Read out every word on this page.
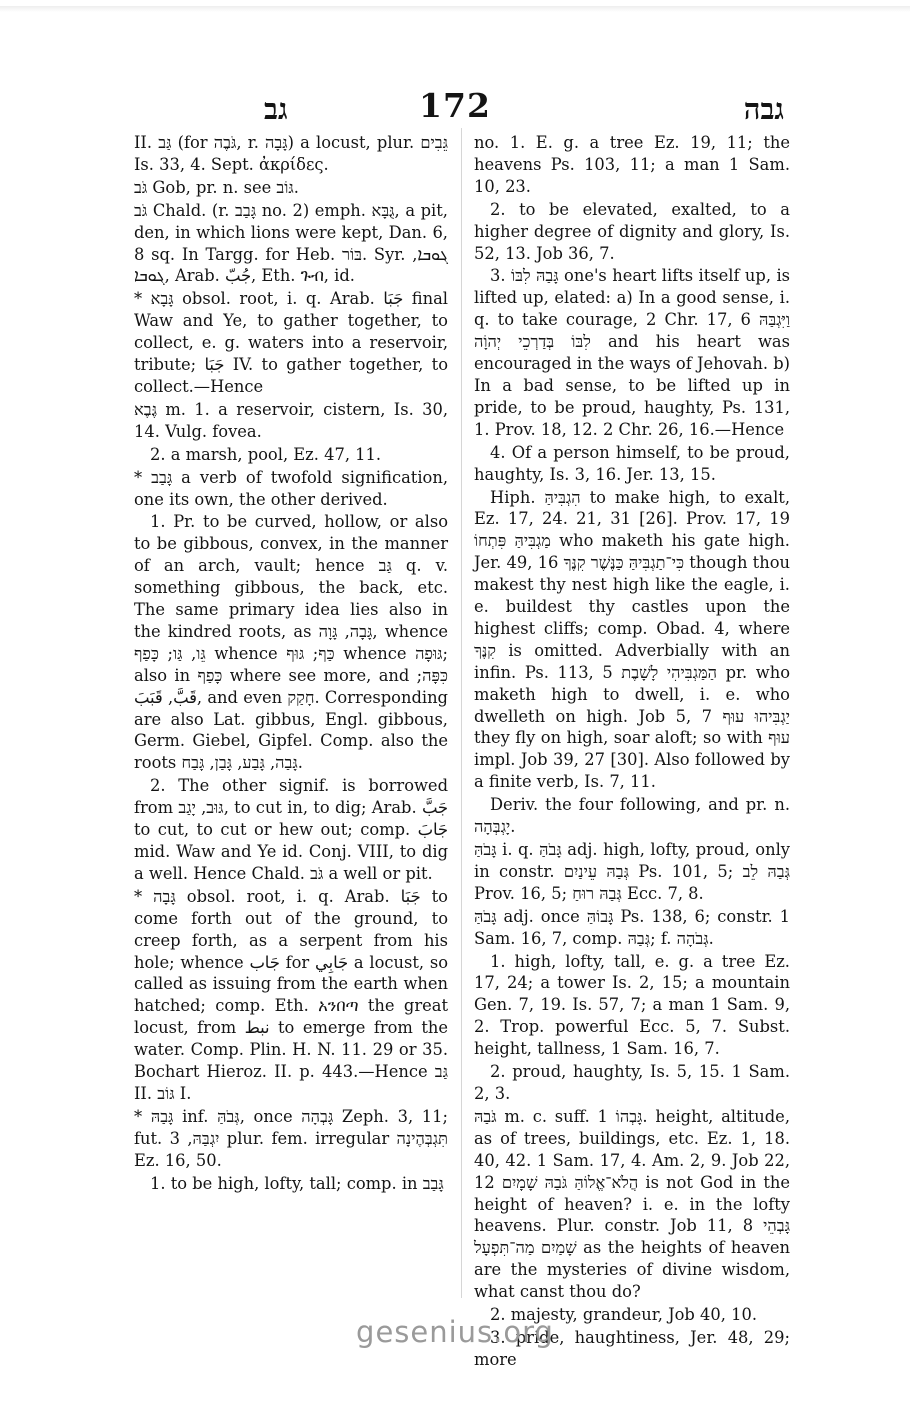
גב	172	גבה

II. גַּב (for גֹּבֶה, r. גָּבָה) a locust, plur. גֵּבִים Is. 33, 4. Sept. ἀκρίδες.

גֹּב Gob, pr. n. see גּוֹב.

גֹּב Chald. (r. גָּבַב no. 2) emph. גֻּבָּא, a pit, den, in which lions were kept, Dan. 6, 8 sq. In Targg. for Heb. בּוֹר. Syr. ܓܘܒܐ, ܓܘܒܐ, Arab. جُبّ, Eth. ጉብ, id.

* גָּבָא obsol. root, i. q. Arab. جَبَا final Waw and Ye, to gather together, to collect, e. g. waters into a reservoir, tribute; جَبَا IV. to gather together, to collect.—Hence

גֶּבֶא m. 1. a reservoir, cistern, Is. 30, 14. Vulg. fovea.

2. a marsh, pool, Ez. 47, 11.

* גָּבַב a verb of twofold signification, one its own, the other derived.

1. Pr. to be curved, hollow, or also to be gibbous, convex, in the manner of an arch, vault; hence גַּב q. v. something gibbous, the back, etc. The same primary idea lies also in the kindred roots, as גָּבָה, גָּוָה, whence גֵּו, גַּו; כָּפַף whence כַּף; גּוּף whence גּוּפָה; also in כָּפַף where see more, and כִּפָּה; قَبَّ, قَبَبَ, and even חָקַק. Corresponding are also Lat. gibbus, Engl. gibbous, Germ. Giebel, Gipfel. Comp. also the roots גָּבַה, גָּבַע, גָּבַן, גָּבַח.

2. The other signif. is borrowed from גּוּב, יָגַב, to cut in, to dig; Arab. جَبَّ to cut, to cut or hew out; comp. جَابَ mid. Waw and Ye id. Conj. VIII, to dig a well. Hence Chald. גֹּב a well or pit.

* גָּבָה obsol. root, i. q. Arab. جَبَا to come forth out of the ground, to creep forth, as a serpent from his hole; whence جَاب for جَابِي a locust, so called as issuing from the earth when hatched; comp. Eth. አንበጣ the great locust, from نبط to emerge from the water. Comp. Plin. H. N. 11. 29 or 35. Bochart Hieroz. II. p. 443.—Hence גַּב II. גּוֹב I.

* גָּבַהּ inf. גְּבֹהַּ, once גָּבְהָה Zeph. 3, 11; fut. יִגְבַּהּ, 3 plur. fem. irregular תִּגְבְּהֶינָה Ez. 16, 50.

1. to be high, lofty, tall; comp. in גָּבַב

no. 1. E. g. a tree Ez. 19, 11; the heavens Ps. 103, 11; a man 1 Sam. 10, 23.

2. to be elevated, exalted, to a higher degree of dignity and glory, Is. 52, 13. Job 36, 7.

3. גָּבַהּ לִבּוֹ one's heart lifts itself up, is lifted up, elated: a) In a good sense, i. q. to take courage, 2 Chr. 17, 6 וַיִּגְבַּהּ לִבּוֹ בְּדַרְכֵי יְהוָֹה and his heart was encouraged in the ways of Jehovah. b) In a bad sense, to be lifted up in pride, to be proud, haughty, Ps. 131, 1. Prov. 18, 12. 2 Chr. 26, 16.—Hence

4. Of a person himself, to be proud, haughty, Is. 3, 16. Jer. 13, 15.

Hiph. הִגְבִּיהַּ to make high, to exalt, Ez. 17, 24. 21, 31 [26]. Prov. 17, 19 מַגְבִּיהַּ פִּתְחוֹ who maketh his gate high. Jer. 49, 16 כִּי־תַגְבִּיהַּ כַּנֶּשֶׁר קִנֶּךָ though thou makest thy nest high like the eagle, i. e. buildest thy castles upon the highest cliffs; comp. Obad. 4, where קִנֶּךָ is omitted. Adverbially with an infin. Ps. 113, 5 הַמַּגְבִּיהִי לָשָׁבֶת pr. who maketh high to dwell, i. e. who dwelleth on high. Job 5, 7 יַגְבִּיהוּ עוּף they fly on high, soar aloft; so with עוּף impl. Job 39, 27 [30]. Also followed by a finite verb, Is. 7, 11.

Deriv. the four following, and pr. n. יָגְבְּהָה.

גָּבֹהַּ i. q. גָּבֹהַּ adj. high, lofty, proud, only in constr. גְּבַהּ עֵינַיִם Ps. 101, 5; גְּבַהּ לֵב Prov. 16, 5; גְּבַהּ רוּחַ Ecc. 7, 8.

גָּבֹהַּ adj. once גָּבוֹהַּ Ps. 138, 6; constr. 1 Sam. 16, 7, comp. גְּבַהּ; f. גְּבֹהָה.

1. high, lofty, tall, e. g. a tree Ez. 17, 24; a tower Is. 2, 15; a mountain Gen. 7, 19. Is. 57, 7; a man 1 Sam. 9, 2. Trop. powerful Ecc. 5, 7. Subst. height, tallness, 1 Sam. 16, 7.

2. proud, haughty, Is. 5, 15. 1 Sam. 2, 3.

גֹּבַהּ m. c. suff. גָּבְהוֹ 1. height, altitude, as of trees, buildings, etc. Ez. 1, 18. 40, 42. 1 Sam. 17, 4. Am. 2, 9. Job 22, 12 הֲלֹא־אֱלוֹהַּ גֹּבַהּ שָׁמָיִם is not God in the height of heaven? i. e. in the lofty heavens. Plur. constr. Job 11, 8 גָּבְהֵי שָׁמַיִם מַה־תִּפְעָל as the heights of heaven are the mysteries of divine wisdom, what canst thou do?

2. majesty, grandeur, Job 40, 10.

3. pride, haughtiness, Jer. 48, 29; more

gesenius.org
